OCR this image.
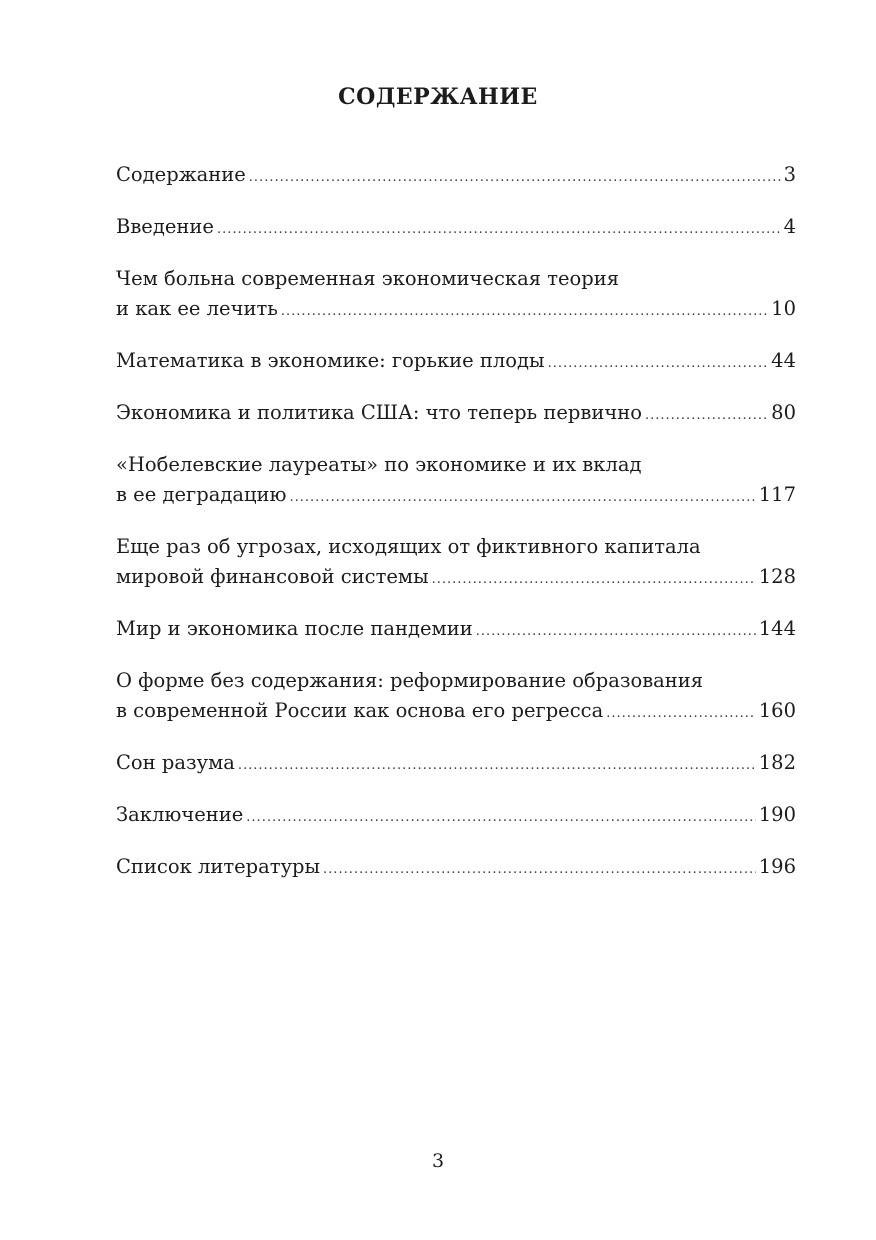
СОДЕРЖАНИЕ
Содержание .....	3
Введение .....	4
Чем больна современная экономическая теория
и как ее лечить .....	10
Математика в экономике: горькие плоды .....	44
Экономика и политика США: что теперь первично .....	80
«Нобелевские лауреаты» по экономике и их вклад
в ее деградацию .....	117
Еще раз об угрозах, исходящих от фиктивного капитала
мировой финансовой системы .....	128
Мир и экономика после пандемии .....	144
О форме без содержания: реформирование образования
в современной России как основа его регресса .....	160
Сон разума .....	182
Заключение .....	190
Список литературы .....	196
3
